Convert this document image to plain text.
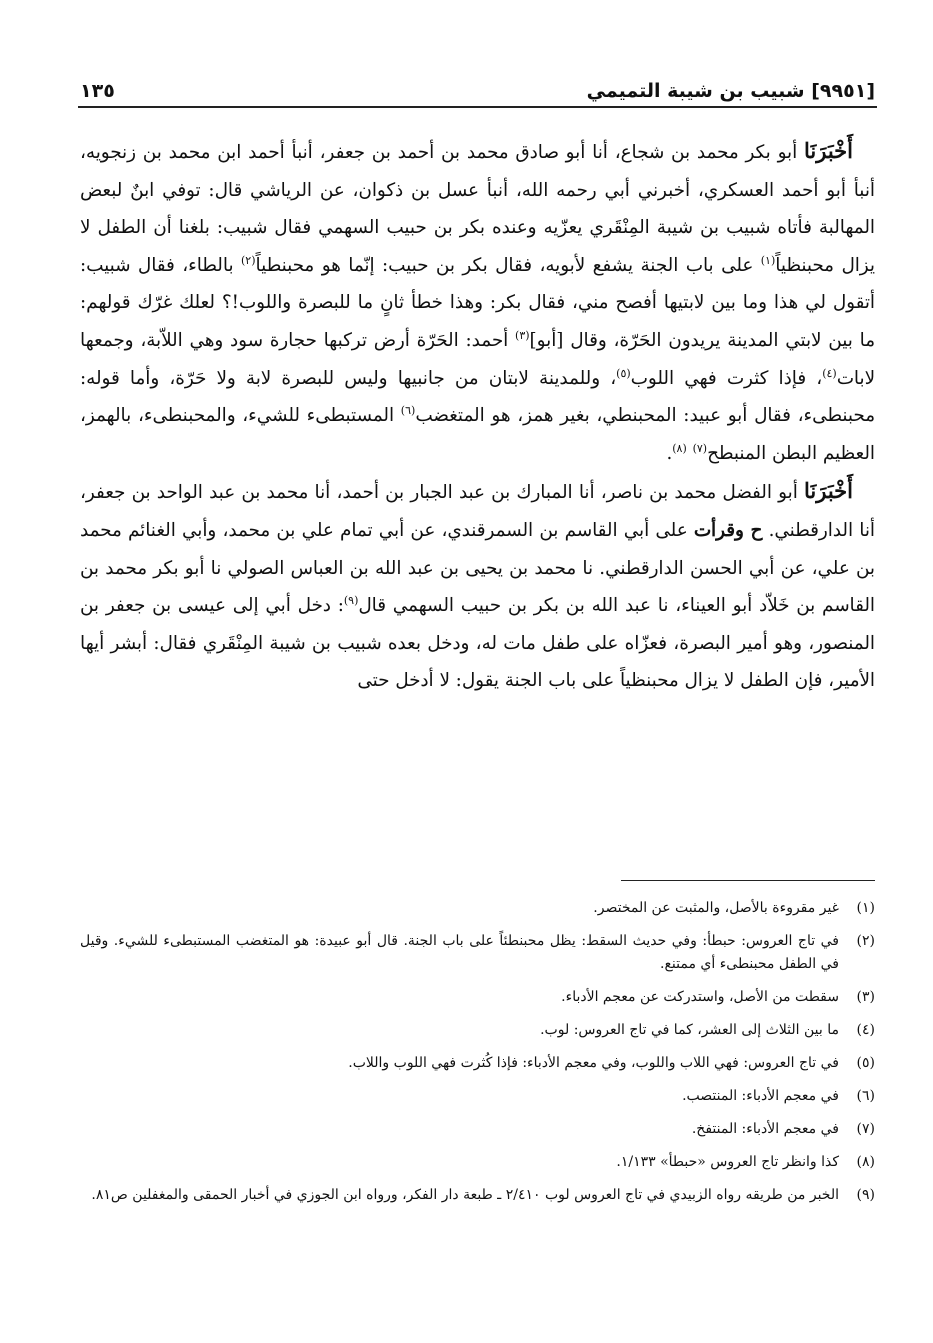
[٩٩٥١] شبيب بن شيبة التميمي
١٣٥

أَخْبَرَنَا أبو بكر محمد بن شجاع، أنا أبو صادق محمد بن أحمد بن جعفر، أنبأ أحمد ابن محمد بن زنجويه، أنبأ أبو أحمد العسكري، أخبرني أبي رحمه الله، أنبأ عسل بن ذكوان، عن الرياشي قال: توفي ابنٌ لبعض المهالبة فأتاه شبيب بن شيبة المِنْقَري يعزّيه وعنده بكر بن حبيب السهمي فقال شبيب: بلغنا أن الطفل لا يزال محبنظياً$^{(١)}$ على باب الجنة يشفع لأبويه، فقال بكر بن حبيب: إنّما هو محبنطياً$^{(٢)}$ بالطاء، فقال شبيب: أتقول لي هذا وما بين لابتيها أفصح مني، فقال بكر: وهذا خطأ ثانٍ ما للبصرة واللوب!؟ لعلك غرّك قولهم: ما بين لابتي المدينة يريدون الحَرّة، وقال [أبو]$^{(٣)}$ أحمد: الحَرّة أرض تركبها حجارة سود وهي اللاّبة، وجمعها لابات$^{(٤)}$، فإذا كثرت فهي اللوب$^{(٥)}$، وللمدينة لابتان من جانبيها وليس للبصرة لابة ولا حَرّة، وأما قوله: محبنطىء، فقال أبو عبيد: المحبنطي، بغير همز، هو المتغضب$^{(٦)}$ المستبطىء للشيء، والمحبنطىء، بالهمز، العظيم البطن المنبطح$^{(٧)}$ $^{(٨)}$.

أَخْبَرَنَا أبو الفضل محمد بن ناصر، أنا المبارك بن عبد الجبار بن أحمد، أنا محمد بن عبد الواحد بن جعفر، أنا الدارقطني. ح وقرأت على أبي القاسم بن السمرقندي، عن أبي تمام علي بن محمد، وأبي الغنائم محمد بن علي، عن أبي الحسن الدارقطني. نا محمد بن يحيى بن عبد الله بن العباس الصولي نا أبو بكر محمد بن القاسم بن خَلاّد أبو العيناء، نا عبد الله بن بكر بن حبيب السهمي قال$^{(٩)}$: دخل أبي إلى عيسى بن جعفر بن المنصور، وهو أمير البصرة، فعزّاه على طفل مات له، ودخل بعده شبيب بن شيبة المِنْقَري فقال: أبشر أيها الأمير، فإن الطفل لا يزال محبنظياً على باب الجنة يقول: لا أدخل حتى

(١)
غير مقروءة بالأصل، والمثبت عن المختصر.
(٢)
في تاج العروس: حبطأ: وفي حديث السقط: يظل محبنطئاً على باب الجنة. قال أبو عبيدة: هو المتغضب المستبطىء للشيء. وقيل في الطفل محبنطىء أي ممتنع.
(٣)
سقطت من الأصل، واستدركت عن معجم الأدباء.
(٤)
ما بين الثلاث إلى العشر، كما في تاج العروس: لوب.
(٥)
في تاج العروس: فهي اللاب واللوب، وفي معجم الأدباء: فإذا كُثرت فهي اللوب واللاب.
(٦)
في معجم الأدباء: المنتصب.
(٧)
في معجم الأدباء: المنتفخ.
(٨)
كذا وانظر تاج العروس «حبطأ» ١/١٣٣.
(٩)
الخبر من طريقه رواه الزبيدي في تاج العروس لوب ٢/٤١٠ ـ طبعة دار الفكر، ورواه ابن الجوزي في أخبار الحمقى والمغفلين ص٨١.
